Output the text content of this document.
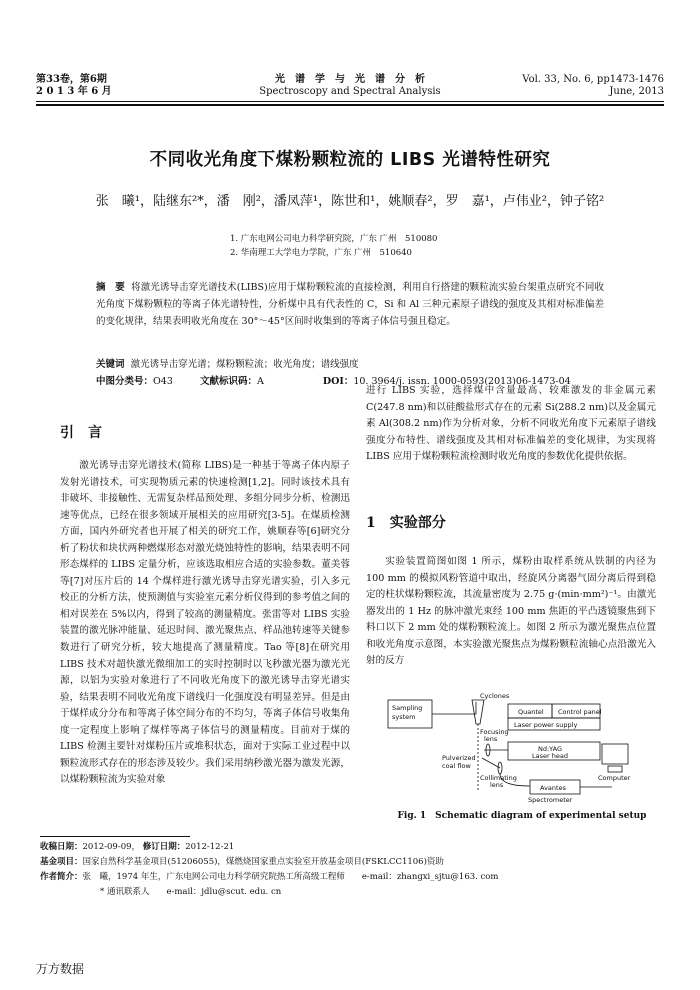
第33卷，第6期
2 0 1 3 年 6 月
光　谱　学　与　光　谱　分　析
Spectroscopy and Spectral Analysis
Vol. 33, No. 6, pp1473-1476
June, 2013
不同收光角度下煤粉颗粒流的 LIBS 光谱特性研究
张　曦¹，陆继东²*，潘　刚²，潘凤萍¹，陈世和¹，姚顺春²，罗　嘉¹，卢伟业²，钟子铭²
1. 广东电网公司电力科学研究院，广东 广州　510080
2. 华南理工大学电力学院，广东 广州　510640
摘　要 将激光诱导击穿光谱技术(LIBS)应用于煤粉颗粒流的直接检测，利用自行搭建的颗粒流实验台架重点研究不同收光角度下煤粉颗粒的等离子体光谱特性，分析煤中具有代表性的 C，Si 和 Al 三种元素原子谱线的强度及其相对标准偏差的变化规律，结果表明收光角度在 30°～45°区间时收集到的等离子体信号强且稳定。
关键词 激光诱导击穿光谱；煤粉颗粒流；收光角度；谱线强度
中图分类号：O43	文献标识码：A	DOI：10. 3964/j. issn. 1000-0593(2013)06-1473-04
引　言

激光诱导击穿光谱技术(简称 LIBS)是一种基于等离子体内原子发射光谱技术，可实现物质元素的快速检测[1,2]。同时该技术具有非破坏、非接触性、无需复杂样品预处理、多组分同步分析、检测迅速等优点，已经在很多领域开展相关的应用研究[3-5]。在煤质检测方面，国内外研究者也开展了相关的研究工作，姚顺春等[6]研究分析了粉状和块状两种燃煤形态对激光烧蚀特性的影响，结果表明不同形态煤样的 LIBS 定量分析，应该选取相应合适的实验参数。董美蓉等[7]对压片后的 14 个煤样进行激光诱导击穿光谱实验，引入多元校正的分析方法，使预测值与实验室元素分析仪得到的参考值之间的相对误差在 5%以内，得到了较高的测量精度。张雷等对 LIBS 实验装置的激光脉冲能量、延迟时间、激光聚焦点、样品池转速等关键参数进行了研究分析，较大地提高了测量精度。Tao 等[8]在研究用 LIBS 技术对超快激光微细加工的实时控制时以飞秒激光器为激光光源，以铝为实验对象进行了不同收光角度下的激光诱导击穿光谱实验，结果表明不同收光角度下谱线归一化强度没有明显差异。但是由于煤样成分分布和等离子体空间分布的不均匀，等离子体信号收集角度一定程度上影响了煤样等离子体信号的测量精度。目前对于煤的 LIBS 检测主要针对煤粉压片或堆积状态，面对于实际工业过程中以颗粒流形式存在的形态涉及较少。我们采用纳秒激光器为激发光源，以煤粉颗粒流为实验对象

进行 LIBS 实验，选择煤中含量最高、较难激发的非金属元素 C(247.8 nm)和以硅酸盐形式存在的元素 Si(288.2 nm)以及金属元素 Al(308.2 nm)作为分析对象，分析不同收光角度下元素原子谱线强度分布特性、谱线强度及其相对标准偏差的变化规律，为实现将 LIBS 应用于煤粉颗粒流检测时收光角度的参数优化提供依据。

1　实验部分

实验装置简图如图 1 所示，煤粉由取样系统从铁制的内径为 100 mm 的模拟风粉管道中取出，经旋风分离器气固分离后得到稳定的柱状煤粉颗粒流，其流量密度为 2.75 g·(min·mm²)⁻¹。由激光器发出的 1 Hz 的脉冲激光束经 100 mm 焦距的平凸透镜聚焦到下料口以下 2 mm 处的煤粉颗粒流上。如图 2 所示为激光聚焦点位置和收光角度示意图，本实验激光聚焦点为煤粉颗粒流轴心点沿激光入射的反方

Sampling
system
Cyclones
Quantel Control panel
Laser power supply
Focusing
lens
Nd:YAG
Laser head
Pulverized
coal flow
Collimating
lens	Avantes
Spectrometer
Computer
Fig. 1　Schematic diagram of experimental setup
收稿日期：2012-09-09， 修订日期：2012-12-21
基金项目：国家自然科学基金项目(51206055)，煤燃烧国家重点实验室开放基金项目(FSKLCC1106)资助
作者简介：张　曦，1974 年生，广东电网公司电力科学研究院热工所高级工程师　　e-mail：zhangxi_sjtu@163. com
* 通讯联系人　　e-mail：jdlu@scut. edu. cn
万方数据
